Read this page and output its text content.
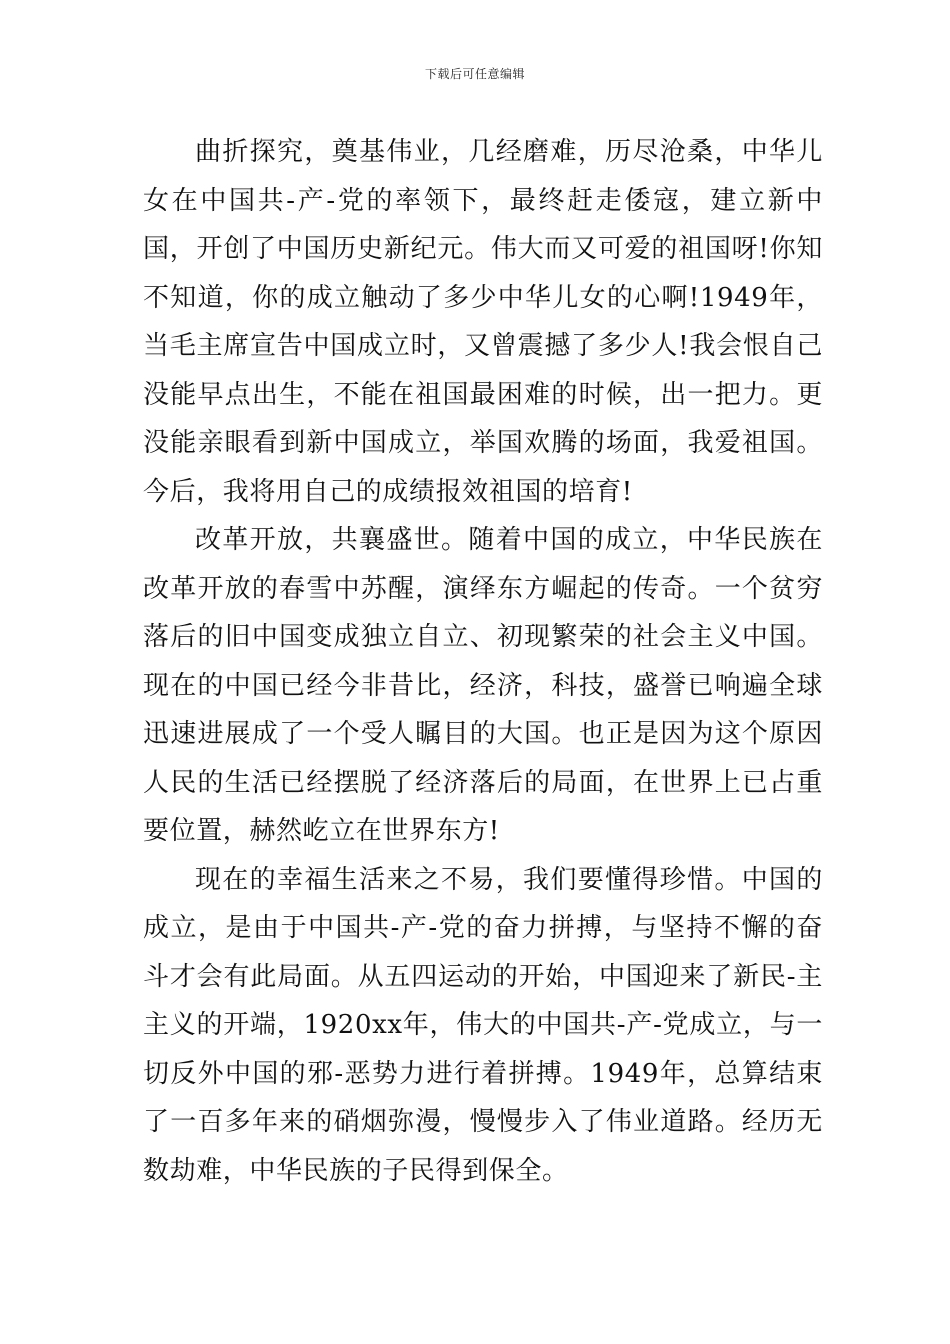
下载后可任意编辑

曲折探究，奠基伟业，几经磨难，历尽沧桑，中华儿女在中国共-产-党的率领下，最终赶走倭寇，建立新中国，开创了中国历史新纪元。伟大而又可爱的祖国呀!你知不知道，你的成立触动了多少中华儿女的心啊!1949年，当毛主席宣告中国成立时，又曾震撼了多少人!我会恨自己没能早点出生，不能在祖国最困难的时候，出一把力。更没能亲眼看到新中国成立，举国欢腾的场面，我爱祖国。今后，我将用自己的成绩报效祖国的培育!

改革开放，共襄盛世。随着中国的成立，中华民族在改革开放的春雪中苏醒，演绎东方崛起的传奇。一个贫穷落后的旧中国变成独立自立、初现繁荣的社会主义中国。现在的中国已经今非昔比，经济，科技，盛誉已响遍全球迅速进展成了一个受人瞩目的大国。也正是因为这个原因人民的生活已经摆脱了经济落后的局面，在世界上已占重要位置，赫然屹立在世界东方!

现在的幸福生活来之不易，我们要懂得珍惜。中国的成立，是由于中国共-产-党的奋力拼搏，与坚持不懈的奋斗才会有此局面。从五四运动的开始，中国迎来了新民-主主义的开端，1920xx年，伟大的中国共-产-党成立，与一切反外中国的邪-恶势力进行着拼搏。1949年，总算结束了一百多年来的硝烟弥漫，慢慢步入了伟业道路。经历无数劫难，中华民族的子民得到保全。
